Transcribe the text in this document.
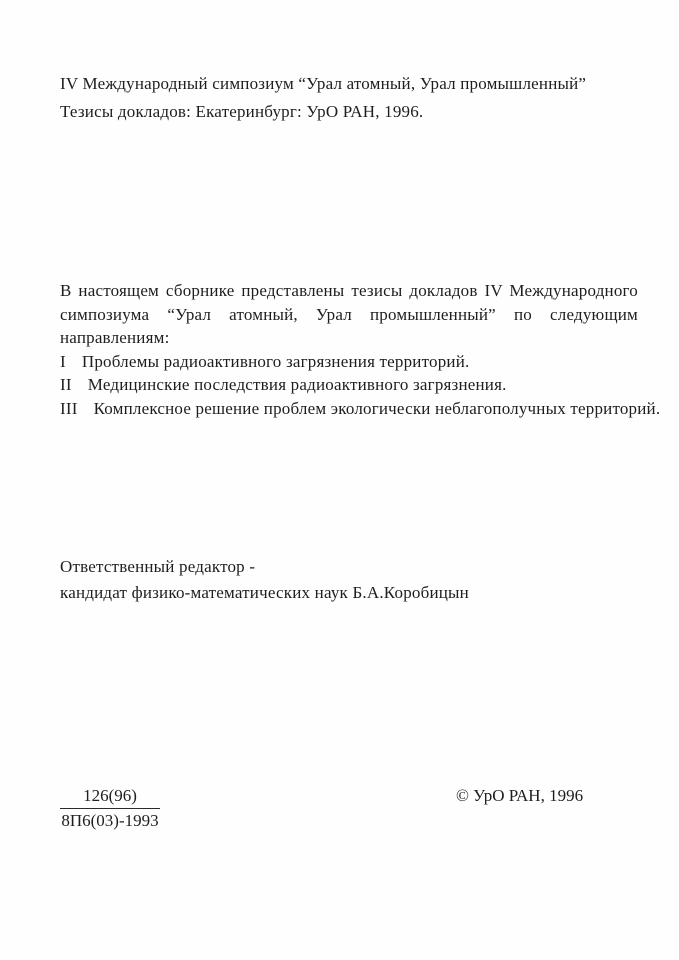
IV Международный симпозиум “Урал атомный, Урал промышленный”
Тезисы докладов: Екатеринбург: УрО РАН, 1996.
В настоящем сборнике представлены тезисы докладов IV Международного
симпозиума “Урал атомный, Урал промышленный” по следующим направлениям:
I Проблемы радиоактивного загрязнения территорий.
II Медицинские последствия радиоактивного загрязнения.
III Комплексное решение проблем экологически неблагополучных территорий.
Ответственный редактор -
кандидат физико-математических наук Б.А.Коробицын
126(96)
8П6(03)-1993
© УрО РАН, 1996
